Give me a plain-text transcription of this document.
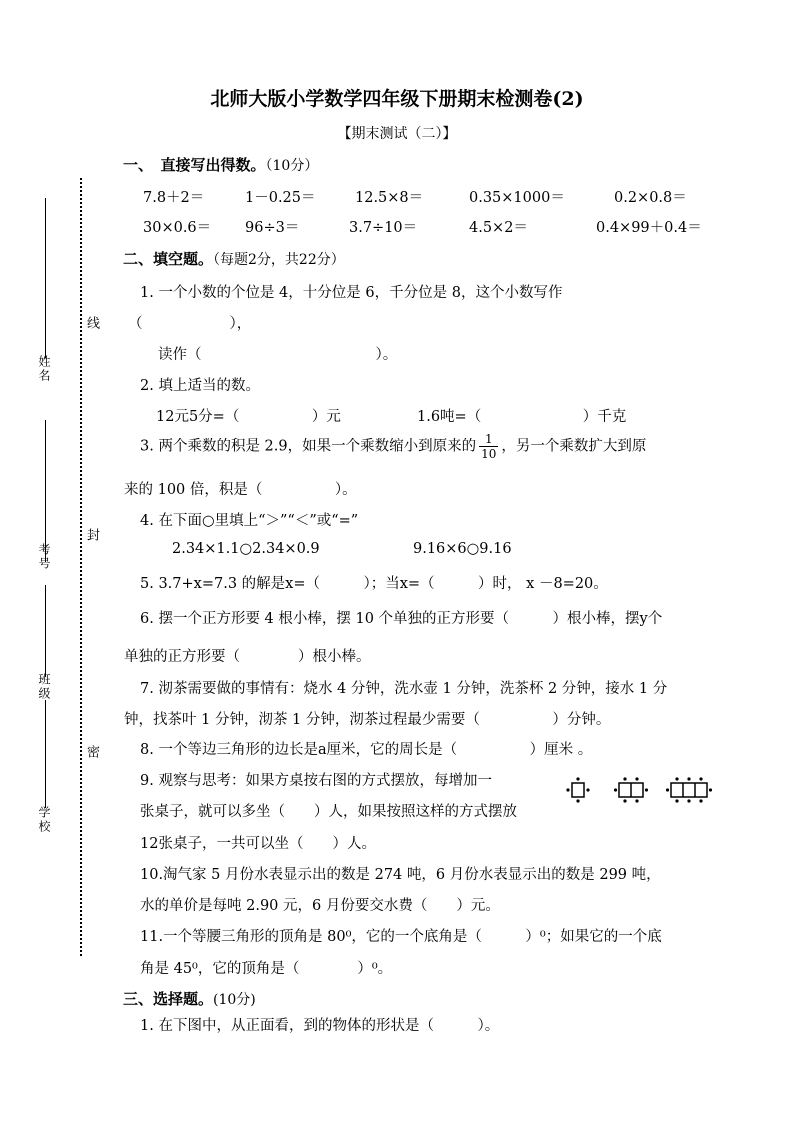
姓名
考号
班级
学校
线
封
密
北师大版小学数学四年级下册期末检测卷(2)
【期末测试（二）】
一、　直接写出得数。（10分）
7.8＋2＝	1－0.25＝	12.5×8＝	0.35×1000＝	0.2×0.8＝
30×0.6＝ 96÷3＝	3.7÷10＝	4.5×2＝	0.4×99＋0.4＝
二、填空题。（每题2分，共22分）
1. 一个小数的个位是 4，十分位是 6，千分位是 8，这个小数写作
（　　　　　　），
读作（　　　　　　　　　　　　）。
2. 填上适当的数。
12元5分=（　　　　　）元	1.6吨=（　　　　　　　）千克
3. 两个乘数的积是 2.9，如果一个乘数缩小到原来的 $\frac{1}{10}$ ，另一个乘数扩大到原
来的 100 倍，积是（　　　　　）。
4. 在下面○里填上“＞”“＜”或“=”
2.34×1.1○2.34×0.9	9.16×6○9.16
5. 3.7+x=7.3 的解是x=（　　　）；当x=（　　　）时， x －8=20。
6. 摆一个正方形要 4 根小棒，摆 10 个单独的正方形要（　　　）根小棒，摆y个
单独的正方形要（　　　　）根小棒。
7. 沏茶需要做的事情有：烧水 4 分钟，洗水壶 1 分钟，洗茶杯 2 分钟，接水 1 分
钟，找茶叶 1 分钟，沏茶 1 分钟，沏茶过程最少需要（　　　　　）分钟。
8. 一个等边三角形的边长是a厘米，它的周长是（　　　　　）厘米 。
9. 观察与思考：如果方桌按右图的方式摆放，每增加一
张桌子，就可以多坐（　　）人，如果按照这样的方式摆放
12张桌子，一共可以坐（　　）人。
10.淘气家 5 月份水表显示出的数是 274 吨，6 月份水表显示出的数是 299 吨，
水的单价是每吨 2.90 元，6 月份要交水费（　　）元。
11.一个等腰三角形的顶角是 80⁰，它的一个底角是（　　　）⁰；如果它的一个底
角是 45⁰，它的顶角是（　　　　）⁰。
三、选择题。(10分)
1. 在下图中，从正面看，到的物体的形状是（　　　）。
